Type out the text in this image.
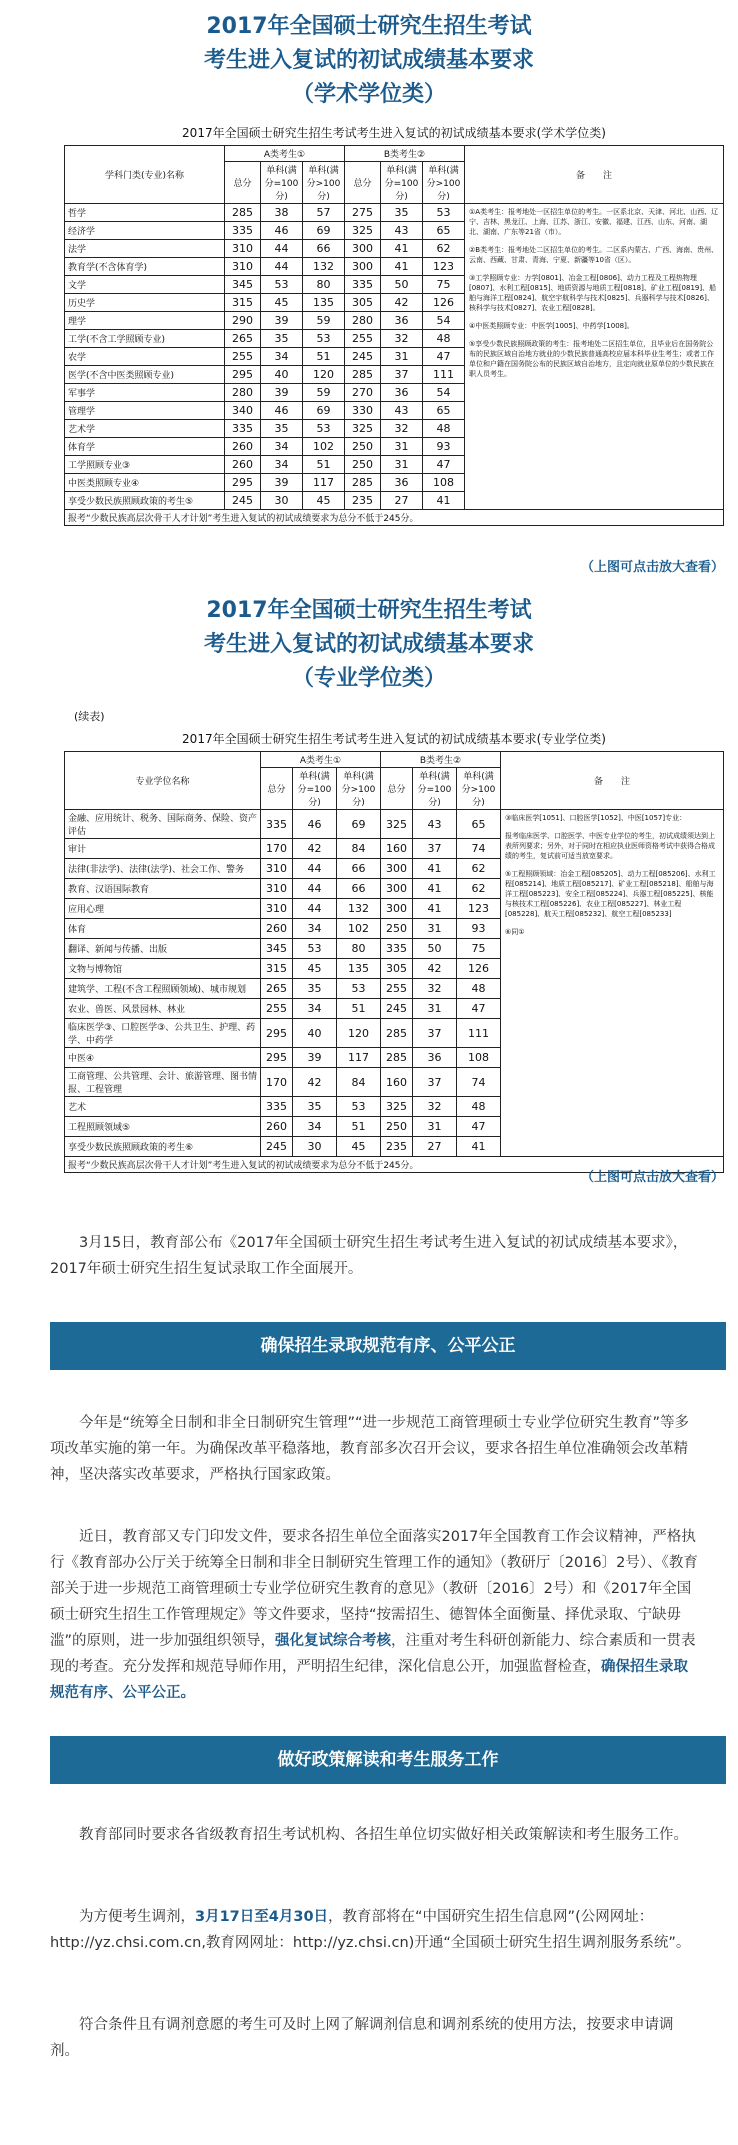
2017年全国硕士研究生招生考试
考生进入复试的初试成绩基本要求
（学术学位类）
2017年全国硕士研究生招生考试考生进入复试的初试成绩基本要求(学术学位类)
学科门类(专业)名称	A类考生①			B类考生②			备　　注
	总分	单科(满分=100分)	单科(满分>100分)	总分	单科(满分=100分)	单科(满分>100分)	
哲学	285	38	57	275	35	53	①A类考生：报考地处一区招生单位的考生。一区系北京、天津、河北、山西、辽宁、吉林、黑龙江、上海、江苏、浙江、安徽、福建、江西、山东、河南、湖北、湖南、广东等21省（市）。
②B类考生：报考地处二区招生单位的考生。二区系内蒙古、广西、海南、贵州、云南、西藏、甘肃、青海、宁夏、新疆等10省（区）。
③工学照顾专业：力学[0801]、冶金工程[0806]、动力工程及工程热物理[0807]、水利工程[0815]、地质资源与地质工程[0818]、矿业工程[0819]、船舶与海洋工程[0824]、航空宇航科学与技术[0825]、兵器科学与技术[0826]、核科学与技术[0827]、农业工程[0828]。
④中医类照顾专业：中医学[1005]、中药学[1008]。
⑤享受少数民族照顾政策的考生：报考地处二区招生单位，且毕业后在国务院公布的民族区域自治地方就业的少数民族普通高校应届本科毕业生考生；或者工作单位和户籍在国务院公布的民族区域自治地方，且定向就业原单位的少数民族在职人员考生。

经济学	335	46	69	325	43	65	
法学	310	44	66	300	41	62	
教育学(不含体育学)	310	44	132	300	41	123	
文学	345	53	80	335	50	75	
历史学	315	45	135	305	42	126	
理学	290	39	59	280	36	54	
工学(不含工学照顾专业)	265	35	53	255	32	48	
农学	255	34	51	245	31	47	
医学(不含中医类照顾专业)	295	40	120	285	37	111	
军事学	280	39	59	270	36	54	
管理学	340	46	69	330	43	65	
艺术学	335	35	53	325	32	48	
体育学	260	34	102	250	31	93	
工学照顾专业③	260	34	51	250	31	47	
中医类照顾专业④	295	39	117	285	36	108	
享受少数民族照顾政策的考生⑤	245	30	45	235	27	41	
报考“少数民族高层次骨干人才计划”考生进入复试的初试成绩要求为总分不低于245分。							
（上图可点击放大查看）
2017年全国硕士研究生招生考试
考生进入复试的初试成绩基本要求
（专业学位类）
(续表)
2017年全国硕士研究生招生考试考生进入复试的初试成绩基本要求(专业学位类)
专业学位名称	A类考生①			B类考生②			备　　注
	总分	单科(满分=100分)	单科(满分>100分)	总分	单科(满分=100分)	单科(满分>100分)	
金融、应用统计、税务、国际商务、保险、资产评估	335	46	69	325	43	65	③临床医学[1051]、口腔医学[1052]、中医[1057]专业：
报考临床医学、口腔医学、中医专业学位的考生，初试成绩须达到上表所列要求；另外，对于同时在相应执业医师资格考试中获得合格成绩的考生，复试前可适当放宽要求。
⑤工程照顾领域：冶金工程[085205]、动力工程[085206]、水利工程[085214]、地质工程[085217]、矿业工程[085218]、船舶与海洋工程[085223]、安全工程[085224]、兵器工程[085225]、核能与核技术工程[085226]、农业工程[085227]、林业工程[085228]、航天工程[085232]、航空工程[085233]
⑥同①

审计	170	42	84	160	37	74	
法律(非法学)、法律(法学)、社会工作、警务	310	44	66	300	41	62	
教育、汉语国际教育	310	44	66	300	41	62	
应用心理	310	44	132	300	41	123	
体育	260	34	102	250	31	93	
翻译、新闻与传播、出版	345	53	80	335	50	75	
文物与博物馆	315	45	135	305	42	126	
建筑学、工程(不含工程照顾领域)、城市规划	265	35	53	255	32	48	
农业、兽医、风景园林、林业	255	34	51	245	31	47	
临床医学③、口腔医学③、公共卫生、护理、药学、中药学	295	40	120	285	37	111	
中医④	295	39	117	285	36	108	
工商管理、公共管理、会计、旅游管理、图书情报、工程管理	170	42	84	160	37	74	
艺术	335	35	53	325	32	48	
工程照顾领域⑤	260	34	51	250	31	47	
享受少数民族照顾政策的考生⑥	245	30	45	235	27	41	
报考“少数民族高层次骨干人才计划”考生进入复试的初试成绩要求为总分不低于245分。							
（上图可点击放大查看）

3月15日，教育部公布《2017年全国硕士研究生招生考试考生进入复试的初试成绩基本要求》，2017年硕士研究生招生复试录取工作全面展开。

确保招生录取规范有序、公平公正

今年是“统筹全日制和非全日制研究生管理”“进一步规范工商管理硕士专业学位研究生教育”等多项改革实施的第一年。为确保改革平稳落地，教育部多次召开会议，要求各招生单位准确领会改革精神，坚决落实改革要求，严格执行国家政策。

近日，教育部又专门印发文件，要求各招生单位全面落实2017年全国教育工作会议精神，严格执行《教育部办公厅关于统筹全日制和非全日制研究生管理工作的通知》（教研厅〔2016〕2号）、《教育部关于进一步规范工商管理硕士专业学位研究生教育的意见》（教研〔2016〕2号）和《2017年全国硕士研究生招生工作管理规定》等文件要求，坚持“按需招生、德智体全面衡量、择优录取、宁缺毋滥”的原则，进一步加强组织领导，强化复试综合考核，注重对考生科研创新能力、综合素质和一贯表现的考查。充分发挥和规范导师作用，严明招生纪律，深化信息公开，加强监督检查，确保招生录取规范有序、公平公正。

做好政策解读和考生服务工作

教育部同时要求各省级教育招生考试机构、各招生单位切实做好相关政策解读和考生服务工作。

为方便考生调剂，3月17日至4月30日，教育部将在“中国研究生招生信息网”(公网网址：http://yz.chsi.com.cn,教育网网址：http://yz.chsi.cn)开通“全国硕士研究生招生调剂服务系统”。

符合条件且有调剂意愿的考生可及时上网了解调剂信息和调剂系统的使用方法，按要求申请调剂。
